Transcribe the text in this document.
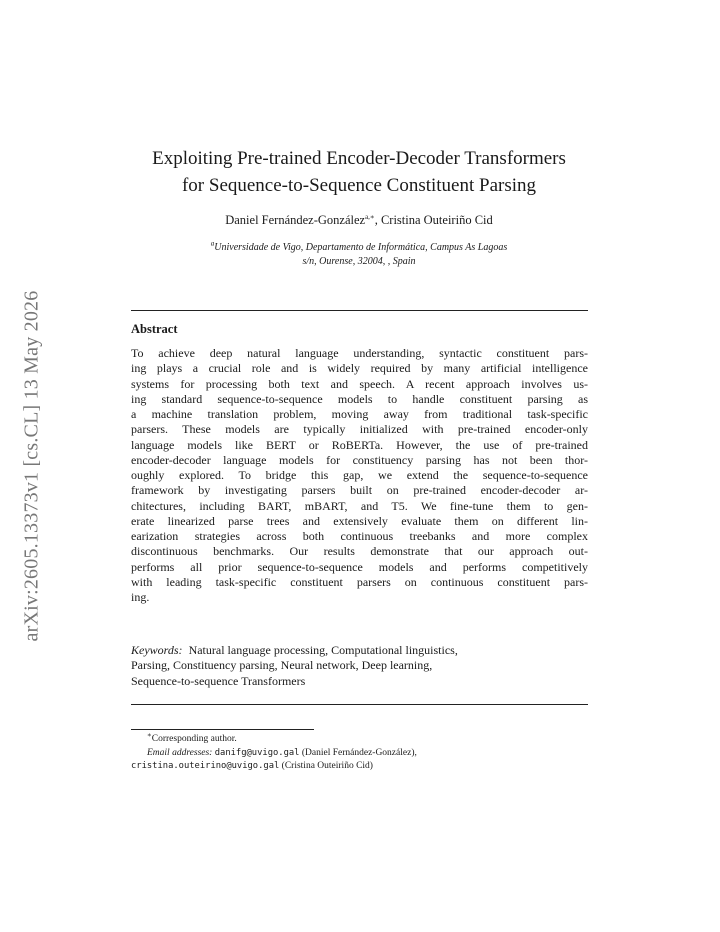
arXiv:2605.13373v1 [cs.CL] 13 May 2026
Exploiting Pre-trained Encoder-Decoder Transformers
for Sequence-to-Sequence Constituent Parsing
Daniel Fernández-González$^{a,∗}$, Cristina Outeiriño Cid
$^a$Universidade de Vigo, Departamento de Informática, Campus As Lagoas
s/n, Ourense, 32004, , Spain
Abstract
To achieve deep natural language understanding, syntactic constituent pars-
ing plays a crucial role and is widely required by many artificial intelligence
systems for processing both text and speech. A recent approach involves us-
ing standard sequence-to-sequence models to handle constituent parsing as
a machine translation problem, moving away from traditional task-specific
parsers. These models are typically initialized with pre-trained encoder-only
language models like BERT or RoBERTa. However, the use of pre-trained
encoder-decoder language models for constituency parsing has not been thor-
oughly explored. To bridge this gap, we extend the sequence-to-sequence
framework by investigating parsers built on pre-trained encoder-decoder ar-
chitectures, including BART, mBART, and T5. We fine-tune them to gen-
erate linearized parse trees and extensively evaluate them on different lin-
earization strategies across both continuous treebanks and more complex
discontinuous benchmarks. Our results demonstrate that our approach out-
performs all prior sequence-to-sequence models and performs competitively
with leading task-specific constituent parsers on continuous constituent pars-
ing.
Keywords: Natural language processing, Computational linguistics,
Parsing, Constituency parsing, Neural network, Deep learning,
Sequence-to-sequence Transformers
∗Corresponding author.
Email addresses: danifg@uvigo.gal (Daniel Fernández-González),
cristina.outeirino@uvigo.gal (Cristina Outeiriño Cid)
